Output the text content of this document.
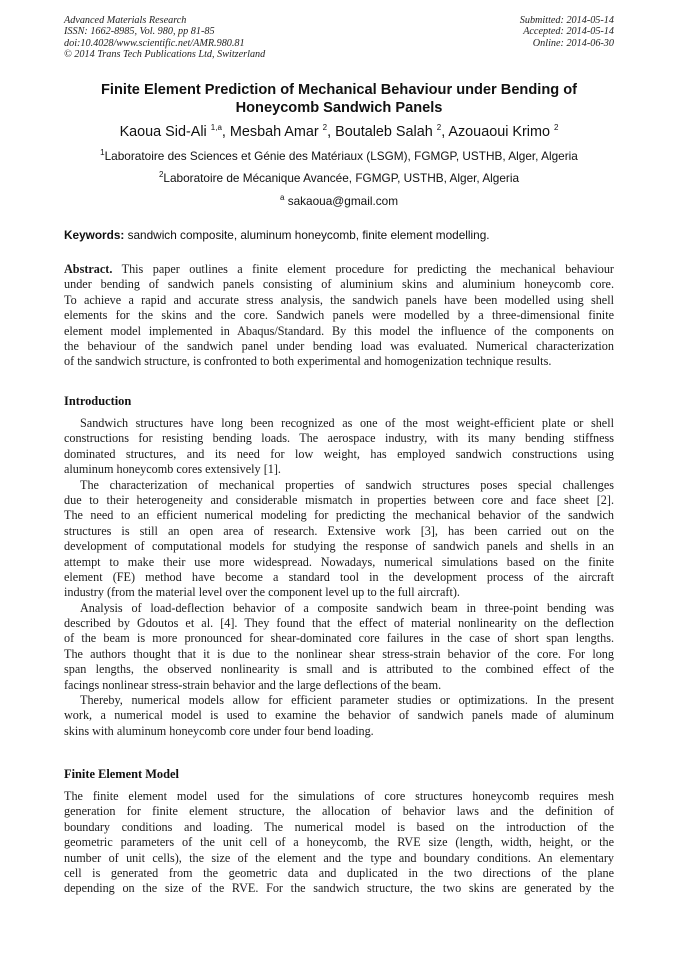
Advanced Materials Research
ISSN: 1662-8985, Vol. 980, pp 81-85
doi:10.4028/www.scientific.net/AMR.980.81
© 2014 Trans Tech Publications Ltd, Switzerland
Submitted: 2014-05-14
Accepted: 2014-05-14
Online: 2014-06-30
Finite Element Prediction of Mechanical Behaviour under Bending of
Honeycomb Sandwich Panels
Kaoua Sid-Ali $^{1,a}$, Mesbah Amar $^2$, Boutaleb Salah $^2$, Azouaoui Krimo $^2$
$^1$Laboratoire des Sciences et Génie des Matériaux (LSGM), FGMGP, USTHB, Alger, Algeria
$^2$Laboratoire de Mécanique Avancée, FGMGP, USTHB, Alger, Algeria
$^a$ sakaoua@gmail.com
Keywords: sandwich composite, aluminum honeycomb, finite element modelling.
Abstract. This paper outlines a finite element procedure for predicting the mechanical behaviour
under bending of sandwich panels consisting of aluminium skins and aluminium honeycomb core.
To achieve a rapid and accurate stress analysis, the sandwich panels have been modelled using shell
elements for the skins and the core. Sandwich panels were modelled by a three-dimensional finite
element model implemented in Abaqus/Standard. By this model the influence of the components on
the behaviour of the sandwich panel under bending load was evaluated. Numerical characterization
of the sandwich structure, is confronted to both experimental and homogenization technique results.
Introduction
Sandwich structures have long been recognized as one of the most weight-efficient plate or shell
constructions for resisting bending loads. The aerospace industry, with its many bending stiffness
dominated structures, and its need for low weight, has employed sandwich constructions using
aluminum honeycomb cores extensively [1].
The characterization of mechanical properties of sandwich structures poses special challenges
due to their heterogeneity and considerable mismatch in properties between core and face sheet [2].
The need to an efficient numerical modeling for predicting the mechanical behavior of the sandwich
structures is still an open area of research. Extensive work [3], has been carried out on the
development of computational models for studying the response of sandwich panels and shells in an
attempt to make their use more widespread. Nowadays, numerical simulations based on the finite
element (FE) method have become a standard tool in the development process of the aircraft
industry (from the material level over the component level up to the full aircraft).
Analysis of load-deflection behavior of a composite sandwich beam in three-point bending was
described by Gdoutos et al. [4]. They found that the effect of material nonlinearity on the deflection
of the beam is more pronounced for shear-dominated core failures in the case of short span lengths.
The authors thought that it is due to the nonlinear shear stress-strain behavior of the core. For long
span lengths, the observed nonlinearity is small and is attributed to the combined effect of the
facings nonlinear stress-strain behavior and the large deflections of the beam.
Thereby, numerical models allow for efficient parameter studies or optimizations. In the present
work, a numerical model is used to examine the behavior of sandwich panels made of aluminum
skins with aluminum honeycomb core under four bend loading.
Finite Element Model
The finite element model used for the simulations of core structures honeycomb requires mesh
generation for finite element structure, the allocation of behavior laws and the definition of
boundary conditions and loading. The numerical model is based on the introduction of the
geometric parameters of the unit cell of a honeycomb, the RVE size (length, width, height, or the
number of unit cells), the size of the element and the type and boundary conditions. An elementary
cell is generated from the geometric data and duplicated in the two directions of the plane
depending on the size of the RVE. For the sandwich structure, the two skins are generated by the
